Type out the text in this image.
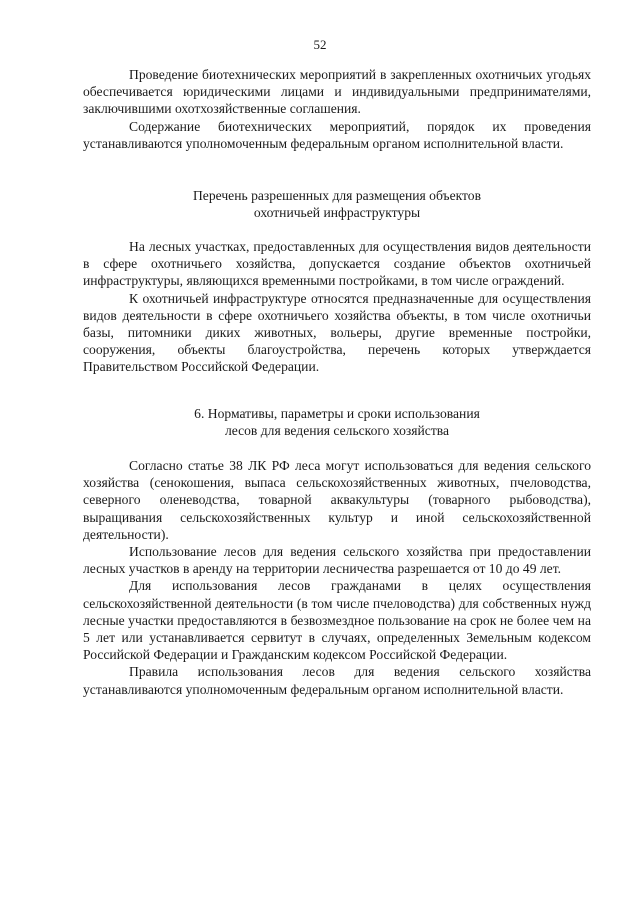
52

Проведение биотехнических мероприятий в закрепленных охотничьих угодьях обеспечивается юридическими лицами и индивидуальными предпринимателями, заключившими охотхозяйственные соглашения.

Содержание биотехнических мероприятий, порядок их проведения устанавливаются уполномоченным федеральным органом исполнительной власти.

Перечень разрешенных для размещения объектов
охотничьей инфраструктуры

На лесных участках, предоставленных для осуществления видов деятельности в сфере охотничьего хозяйства, допускается создание объектов охотничьей инфраструктуры, являющихся временными постройками, в том числе ограждений.

К охотничьей инфраструктуре относятся предназначенные для осуществления видов деятельности в сфере охотничьего хозяйства объекты, в том числе охотничьи базы, питомники диких животных, вольеры, другие временные постройки, сооружения, объекты благоустройства, перечень которых утверждается Правительством Российской Федерации.

6. Нормативы, параметры и сроки использования
лесов для ведения сельского хозяйства

Согласно статье 38 ЛК РФ леса могут использоваться для ведения сельского хозяйства (сенокошения, выпаса сельскохозяйственных животных, пчеловодства, северного оленеводства, товарной аквакультуры (товарного рыбоводства), выращивания сельскохозяйственных культур и иной сельскохозяйственной деятельности).

Использование лесов для ведения сельского хозяйства при предоставлении лесных участков в аренду на территории лесничества разрешается от 10 до 49 лет.

Для использования лесов гражданами в целях осуществления сельскохозяйственной деятельности (в том числе пчеловодства) для собственных нужд лесные участки предоставляются в безвозмездное пользование на срок не более чем на 5 лет или устанавливается сервитут в случаях, определенных Земельным кодексом Российской Федерации и Гражданским кодексом Российской Федерации.

Правила использования лесов для ведения сельского хозяйства устанавливаются уполномоченным федеральным органом исполнительной власти.
